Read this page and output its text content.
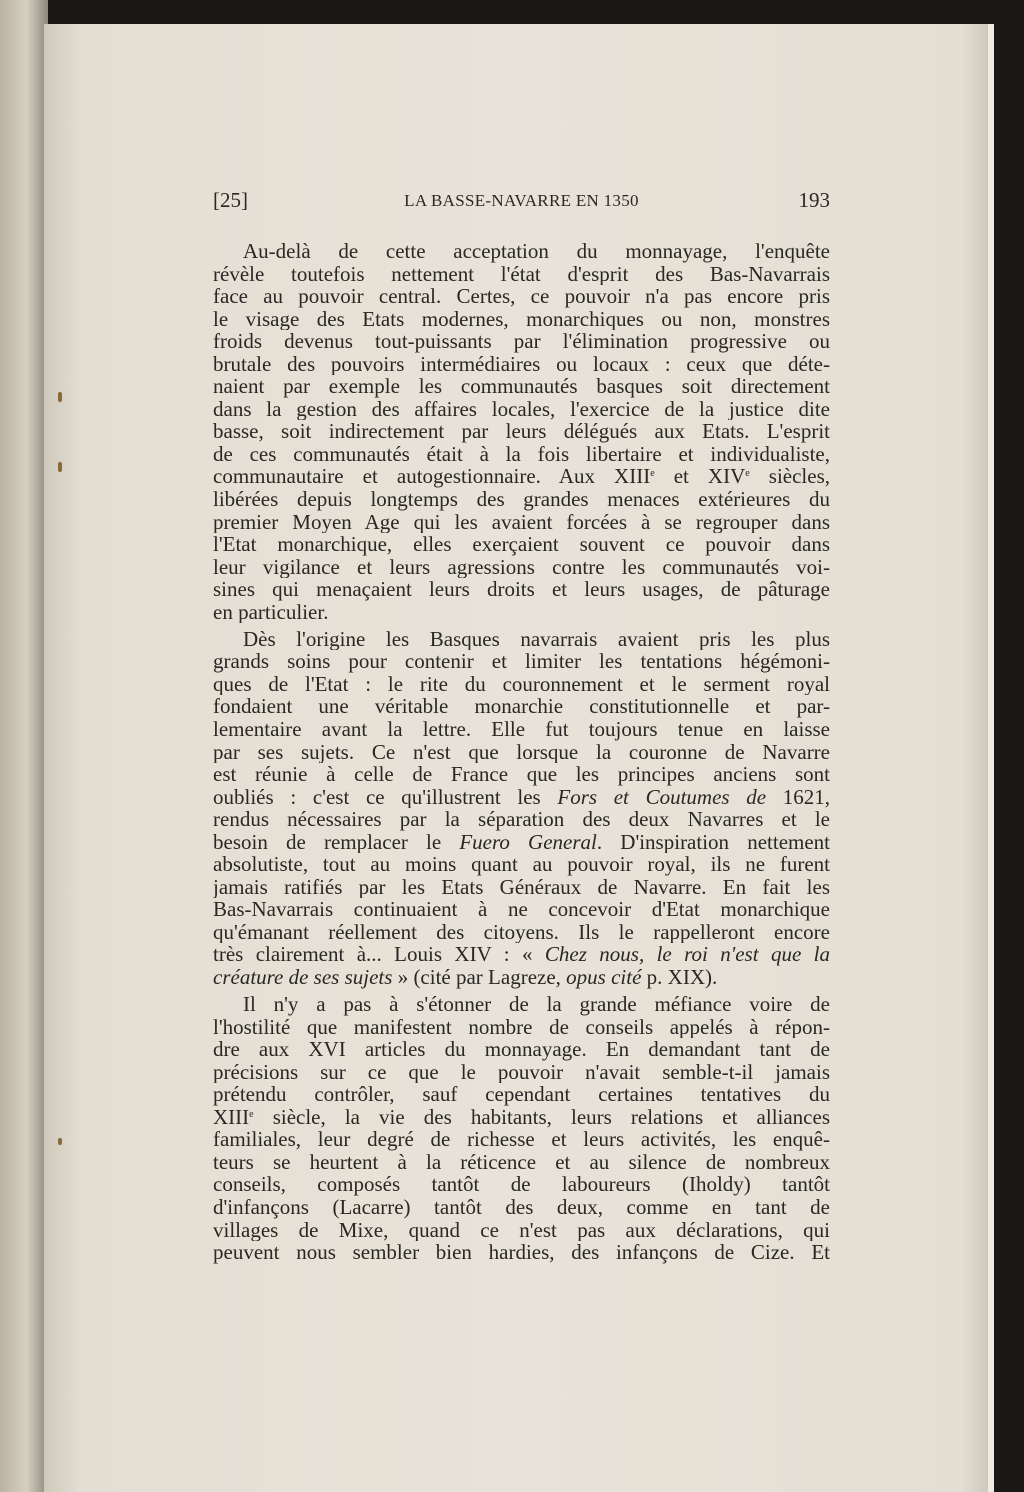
[25]	LA BASSE-NAVARRE EN 1350	193
Au-delà de cette acceptation du monnayage, l'enquête
révèle toutefois nettement l'état d'esprit des Bas-Navarrais
face au pouvoir central. Certes, ce pouvoir n'a pas encore pris
le visage des Etats modernes, monarchiques ou non, monstres
froids devenus tout-puissants par l'élimination progressive ou
brutale des pouvoirs intermédiaires ou locaux : ceux que déte-
naient par exemple les communautés basques soit directement
dans la gestion des affaires locales, l'exercice de la justice dite
basse, soit indirectement par leurs délégués aux Etats. L'esprit
de ces communautés était à la fois libertaire et individualiste,
communautaire et autogestionnaire. Aux XIIIe et XIVe siècles,
libérées depuis longtemps des grandes menaces extérieures du
premier Moyen Age qui les avaient forcées à se regrouper dans
l'Etat monarchique, elles exerçaient souvent ce pouvoir dans
leur vigilance et leurs agressions contre les communautés voi-
sines qui menaçaient leurs droits et leurs usages, de pâturage
en particulier.
Dès l'origine les Basques navarrais avaient pris les plus
grands soins pour contenir et limiter les tentations hégémoni-
ques de l'Etat : le rite du couronnement et le serment royal
fondaient une véritable monarchie constitutionnelle et par-
lementaire avant la lettre. Elle fut toujours tenue en laisse
par ses sujets. Ce n'est que lorsque la couronne de Navarre
est réunie à celle de France que les principes anciens sont
oubliés : c'est ce qu'illustrent les Fors et Coutumes de 1621,
rendus nécessaires par la séparation des deux Navarres et le
besoin de remplacer le Fuero General. D'inspiration nettement
absolutiste, tout au moins quant au pouvoir royal, ils ne furent
jamais ratifiés par les Etats Généraux de Navarre. En fait les
Bas-Navarrais continuaient à ne concevoir d'Etat monarchique
qu'émanant réellement des citoyens. Ils le rappelleront encore
très clairement à... Louis XIV : « Chez nous, le roi n'est que la
créature de ses sujets » (cité par Lagreze, opus cité p. XIX).
Il n'y a pas à s'étonner de la grande méfiance voire de
l'hostilité que manifestent nombre de conseils appelés à répon-
dre aux XVI articles du monnayage. En demandant tant de
précisions sur ce que le pouvoir n'avait semble-t-il jamais
prétendu contrôler, sauf cependant certaines tentatives du
XIIIe siècle, la vie des habitants, leurs relations et alliances
familiales, leur degré de richesse et leurs activités, les enquê-
teurs se heurtent à la réticence et au silence de nombreux
conseils, composés tantôt de laboureurs (Iholdy) tantôt
d'infançons (Lacarre) tantôt des deux, comme en tant de
villages de Mixe, quand ce n'est pas aux déclarations, qui
peuvent nous sembler bien hardies, des infançons de Cize. Et
